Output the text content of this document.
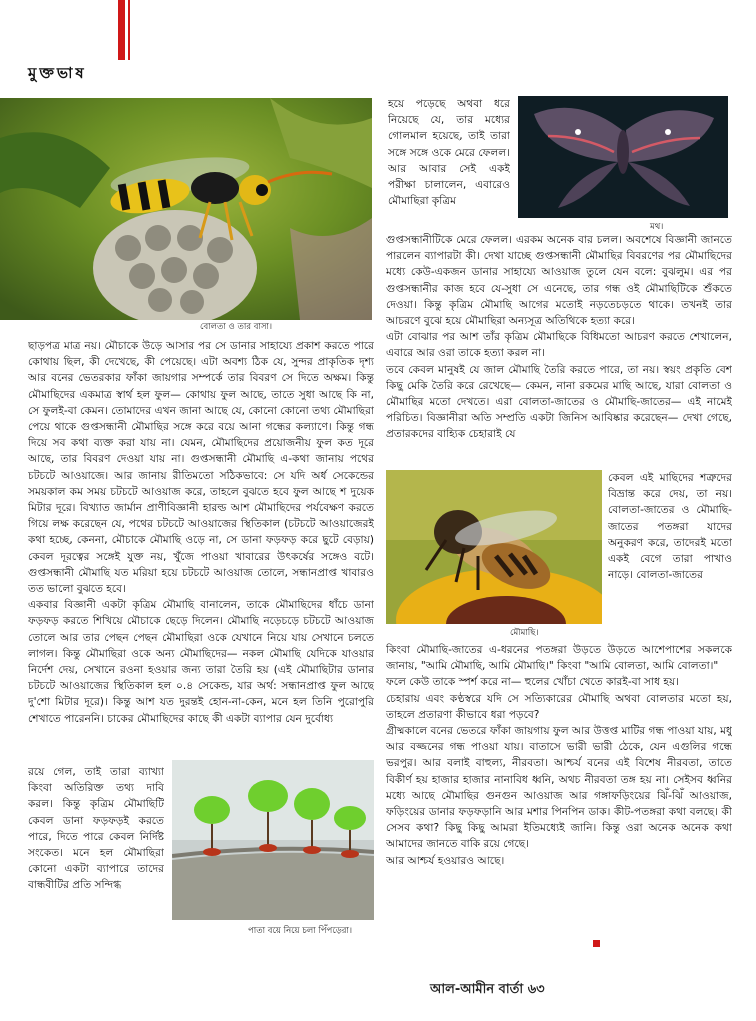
মুক্তভাষ
বোলতা ও তার বাসা।
হয়ে পড়েছে অথবা ধরে নিয়েছে যে, তার মধ্যের গোলমাল হয়েছে, তাই তারা সঙ্গে সঙ্গে ওকে মেরে ফেলল। আর আবার সেই একই পরীক্ষা চালালেন, এবারেও মৌমাছিরা কৃত্রিম
মথ।
গুপ্তসন্ধানীটিকে মেরে ফেলল। এরকম অনেক বার চলল। অবশেষে বিজ্ঞানী জানতে পারলেন ব্যাপারটা কী। দেখা যাচ্ছে গুপ্তসন্ধানী মৌমাছির বিবরণের পর মৌমাছিদের মধ্যে কেউ-একজন ডানার সাহায্যে আওয়াজ তুলে যেন বলে: বুঝলুম। এর পর গুপ্তসন্ধানীর কাজ হবে যে-সুধা সে এনেছে, তার গন্ধ ওই মৌমাছিটিকে শুঁকতে দেওয়া। কিন্তু কৃত্রিম মৌমাছি আগের মতোই নড়তেচড়তে থাকে। তখনই তার আচরণে বুঝে হয়ে মৌমাছিরা অন্যসূত্র অতিথিকে হত্যা করে।
এটা বোঝার পর আশ তাঁর কৃত্রিম মৌমাছিকে বিধিমতো আচরণ করতে শেখালেন, এবারে আর ওরা তাকে হত্যা করল না।
তবে কেবল মানুষই যে জাল মৌমাছি তৈরি করতে পারে, তা নয়। স্বয়ং প্রকৃতি বেশ কিছু মেকি তৈরি করে রেখেছে— কেমন, নানা রকমের মাছি আছে, যারা বোলতা ও মৌমাছির মতো দেখতে। এরা বোলতা-জাতের ও মৌমাছি-জাতের— এই নামেই পরিচিত। বিজ্ঞানীরা অতি সম্প্রতি একটা জিনিস আবিষ্কার করেছেন— দেখা গেছে, প্রতারকদের বাহ্যিক চেহারাই যে
মৌমাছি।
কেবল এই মাছিদের শত্রুদের বিভ্রান্ত করে দেয়, তা নয়। বোলতা-জাতের ও মৌমাছি-জাতের পতঙ্গরা যাদের অনুকরণ করে, তাদেরই মতো একই বেগে তারা পাখাও নাড়ে। বোলতা-জাতের
কিংবা মৌমাছি-জাতের এ-ধরনের পতঙ্গরা উড়তে উড়তে আশেপাশের সকলকে জানায়, "আমি মৌমাছি, আমি মৌমাছি।" কিংবা "আমি বোলতা, আমি বোলতা।"
ফলে কেউ তাকে স্পর্শ করে না— হুলের খোঁচা খেতে কারই-বা সাধ হয়।
চেহারায় এবং কণ্ঠস্বরে যদি সে সত্যিকারের মৌমাছি অথবা বোলতার মতো হয়, তাহলে প্রতারণা কীভাবে ধরা পড়বে?
গ্রীষ্মকালে বনের ভেতরে ফাঁকা জায়গায় ফুল আর উত্তপ্ত মাটির গন্ধ পাওয়া যায়, মধু আর বজ্জনের গন্ধ পাওয়া যায়। বাতাসে ভারী ভারী ঠেকে, যেন এগুলির গন্ধে ভরপুর। আর বলাই বাহুল্য, নীরবতা। আশ্চর্য বনের এই বিশেষ নীরবতা, তাতে বিকীর্ণ হয় হাজার হাজার নানাবিধ ধ্বনি, অথচ নীরবতা তঙ্গ হয় না। সেইসব ধ্বনির মধ্যে আছে মৌমাছির গুনগুন আওয়াজ আর গঙ্গাফড়িংয়ের ঝিঁ-ঝিঁ আওয়াজ, ফড়িংয়ের ডানার ফড়ফড়ানি আর মশার পিনপিন ডাক। কীট-পতঙ্গরা কথা বলছে। কী সেসব কথা? কিছু কিছু আমরা ইতিমধ্যেই জানি। কিন্তু ওরা অনেক অনেক কথা আমাদের জানতে বাকি রয়ে গেছে।
আর আশ্চর্য হওয়ারও আছে।
ছাড়পত্র মাত্র নয়। মৌচাকে উড়ে আসার পর সে ডানার সাহায্যে প্রকাশ করতে পারে কোথায় ছিল, কী দেখেছে, কী পেয়েছে। এটা অবশ্য ঠিক যে, সুন্দর প্রাকৃতিক দৃশ্য আর বনের ভেতরকার ফাঁকা জায়গার সম্পর্কে তার বিবরণ সে দিতে অক্ষম। কিন্তু মৌমাছিদের একমাত্র স্বার্থ হল ফুল— কোথায় ফুল আছে, তাতে সুধা আছে কি না, সে ফুলই-বা কেমন। তোমাদের এখন জানা আছে যে, কোনো কোনো তথ্য মৌমাছিরা পেয়ে থাকে গুপ্তসন্ধানী মৌমাছির সঙ্গে করে বয়ে আনা গন্ধের কল্যাণে। কিন্তু গন্ধ দিয়ে সব কথা ব্যক্ত করা যায় না। যেমন, মৌমাছিদের প্রয়োজনীয় ফুল কত দূরে আছে, তার বিবরণ দেওয়া যায় না। গুপ্তসন্ধানী মৌমাছি এ-কথা জানায় পথের চটচটে আওয়াজে। আর জানায় রীতিমতো সঠিকভাবে: সে যদি অর্ধ সেকেন্ডের সময়কাল কম সময় চটচটে আওয়াজ করে, তাহলে বুঝতে হবে ফুল আছে শ দুয়েক মিটার দূরে। বিখ্যাত জার্মান প্রাণীবিজ্ঞানী হারল্ড আশ মৌমাছিদের পর্যবেক্ষণ করতে গিয়ে লক্ষ করেছেন যে, পথের চটচটে আওয়াজের স্থিতিকাল (চটচটে আওয়াজেরই কথা হচ্ছে, কেননা, মৌচাকে মৌমাছি ওড়ে না, সে ডানা ফড়ফড় করে ছুটে বেড়ায়) কেবল দূরত্বের সঙ্গেই যুক্ত নয়, খুঁজে পাওয়া খাবারের উৎকর্ষের সঙ্গেও বটে। গুপ্তসন্ধানী মৌমাছি যত মরিয়া হয়ে চটচটে আওয়াজ তোলে, সন্ধানপ্রাপ্ত খাবারও তত ভালো বুঝতে হবে।
একবার বিজ্ঞানী একটা কৃত্রিম মৌমাছি বানালেন, তাকে মৌমাছিদের ধাঁচে ডানা ফড়ফড় করতে শিখিয়ে মৌচাকে ছেড়ে দিলেন। মৌমাছি নড়েচড়ে চটচটে আওয়াজ তোলে আর তার পেছন পেছন মৌমাছিরা ওকে যেখানে নিয়ে যায় সেখানে চলতে লাগল। কিন্তু মৌমাছিরা ওকে অন্য মৌমাছিদের— নকল মৌমাছি যেদিকে যাওয়ার নির্দেশ দেয়, সেখানে রওনা হওয়ার জন্য তারা তৈরি হয় (এই মৌমাছিটার ডানার চটচটে আওয়াজের স্থিতিকাল হল ০.৪ সেকেন্ড, যার অর্থ: সন্ধানপ্রাপ্ত ফুল আছে দু'শো মিটার দূরে)। কিন্তু আশ যত দুরন্তই হোন-না-কেন, মনে হল তিনি পুরোপুরি শেখাতে পারেননি। চাকের মৌমাছিদের কাছে কী একটা ব্যাপার যেন দুর্বোধ্য
রয়ে গেল, তাই তারা ব্যাখ্যা কিংবা অতিরিক্ত তথ্য দাবি করল। কিন্তু কৃত্রিম মৌমাছিটি কেবল ডানা ফড়ফড়ই করতে পারে, দিতে পারে কেবল নির্দিষ্ট সংকেত। মনে হল মৌমাছিরা কোনো একটা ব্যাপারে তাদের বান্ধবীটির প্রতি সন্দিগ্ধ
পাতা বয়ে নিয়ে চলা পিঁপড়েরা।
আল-আমীন বার্তা ৬৩
